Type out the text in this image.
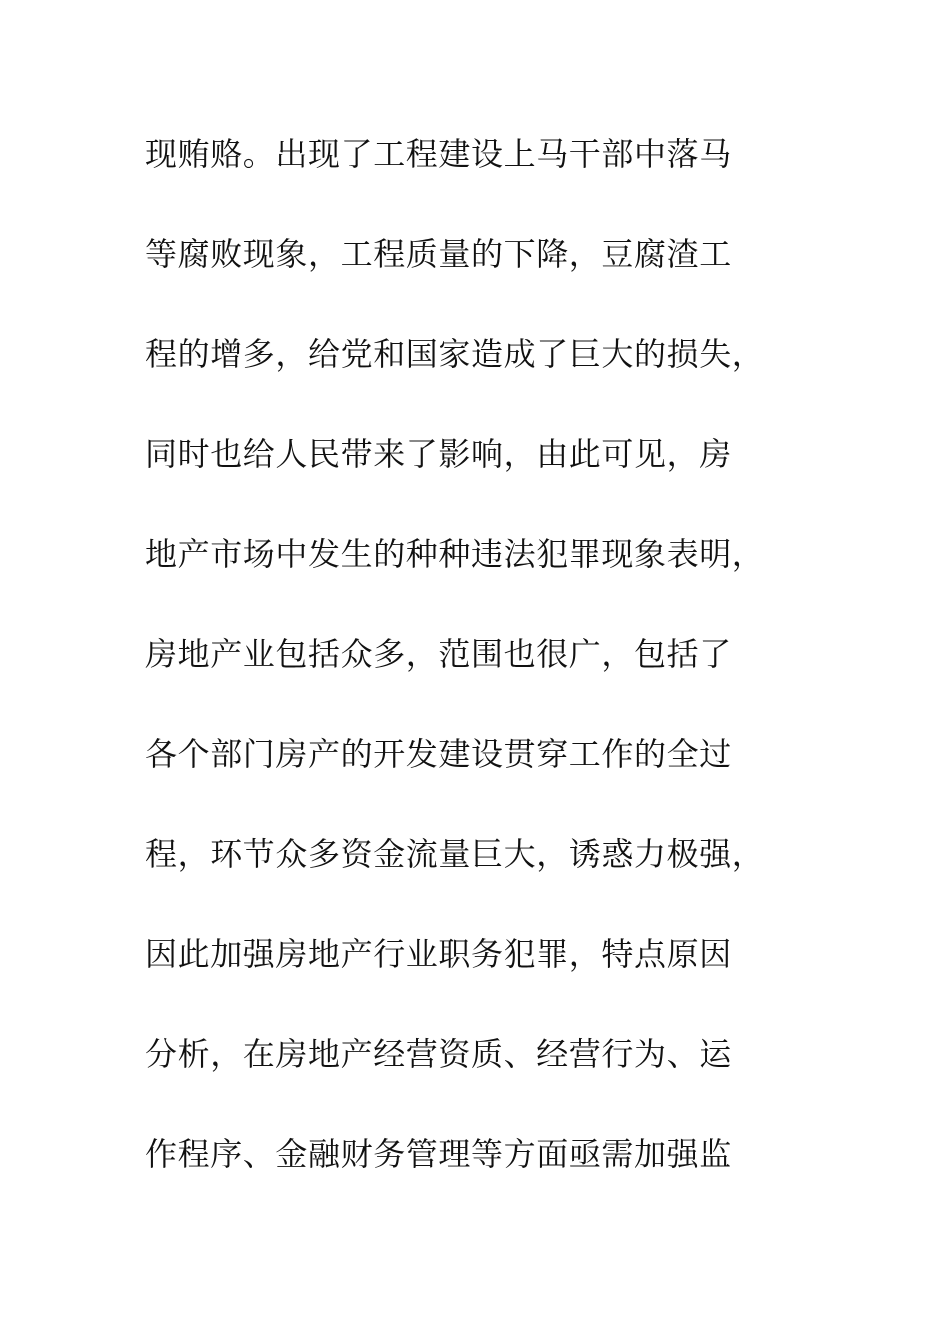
现贿赂。出现了工程建设上马干部中落马
等腐败现象，工程质量的下降，豆腐渣工
程的增多，给党和国家造成了巨大的损失，
同时也给人民带来了影响，由此可见，房
地产市场中发生的种种违法犯罪现象表明，
房地产业包括众多，范围也很广，包括了
各个部门房产的开发建设贯穿工作的全过
程，环节众多资金流量巨大，诱惑力极强，
因此加强房地产行业职务犯罪，特点原因
分析，在房地产经营资质、经营行为、运
作程序、金融财务管理等方面亟需加强监
